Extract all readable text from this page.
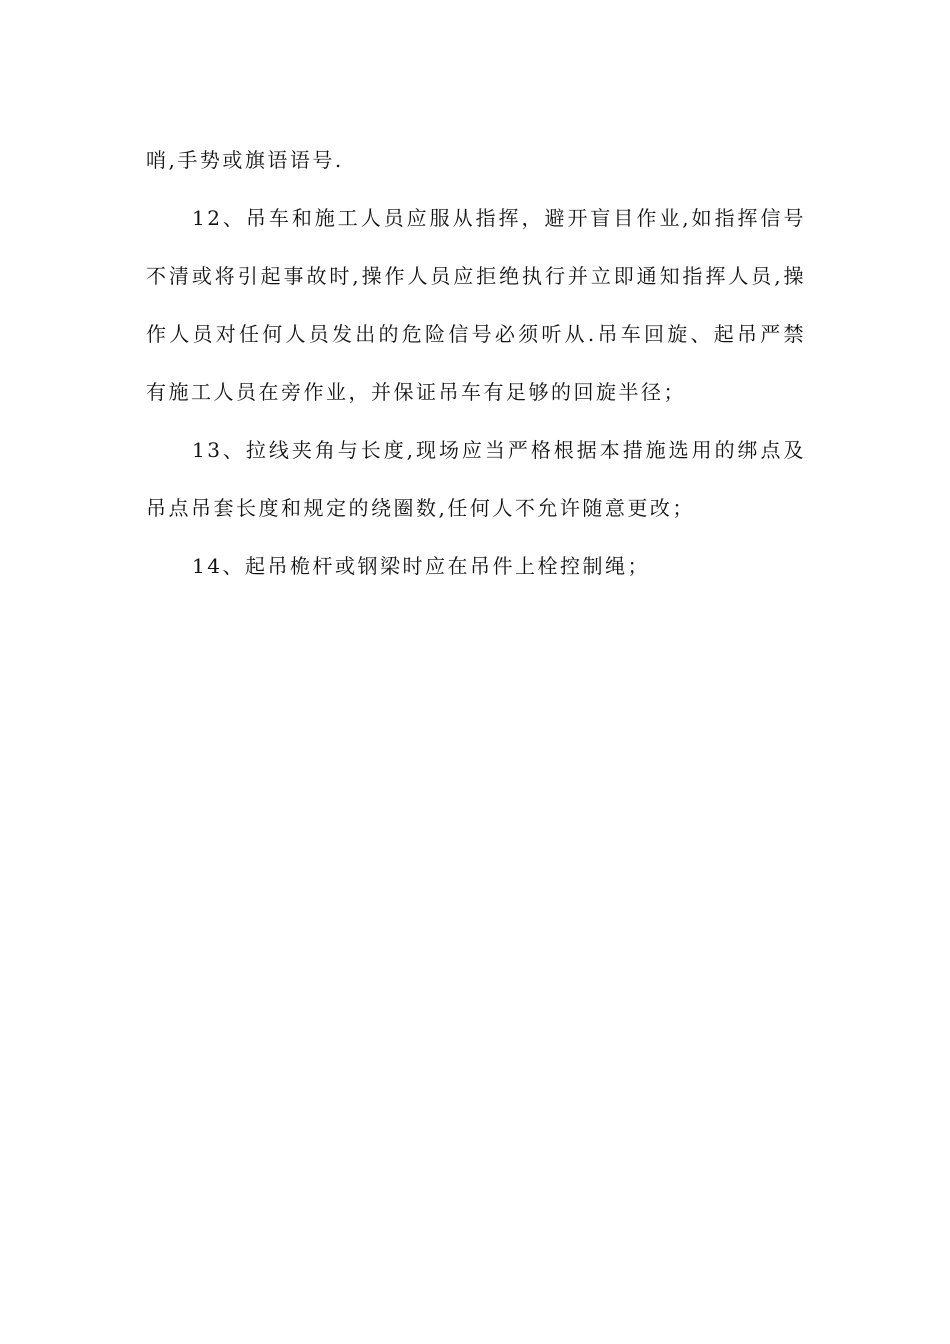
哨,手势或旗语语号.

12、吊车和施工人员应服从指挥，避开盲目作业,如指挥信号不清或将引起事故时,操作人员应拒绝执行并立即通知指挥人员,操作人员对任何人员发出的危险信号必须听从.吊车回旋、起吊严禁有施工人员在旁作业，并保证吊车有足够的回旋半径；

13、拉线夹角与长度,现场应当严格根据本措施选用的绑点及吊点吊套长度和规定的绕圈数,任何人不允许随意更改；

14、起吊桅杆或钢梁时应在吊件上栓控制绳；
